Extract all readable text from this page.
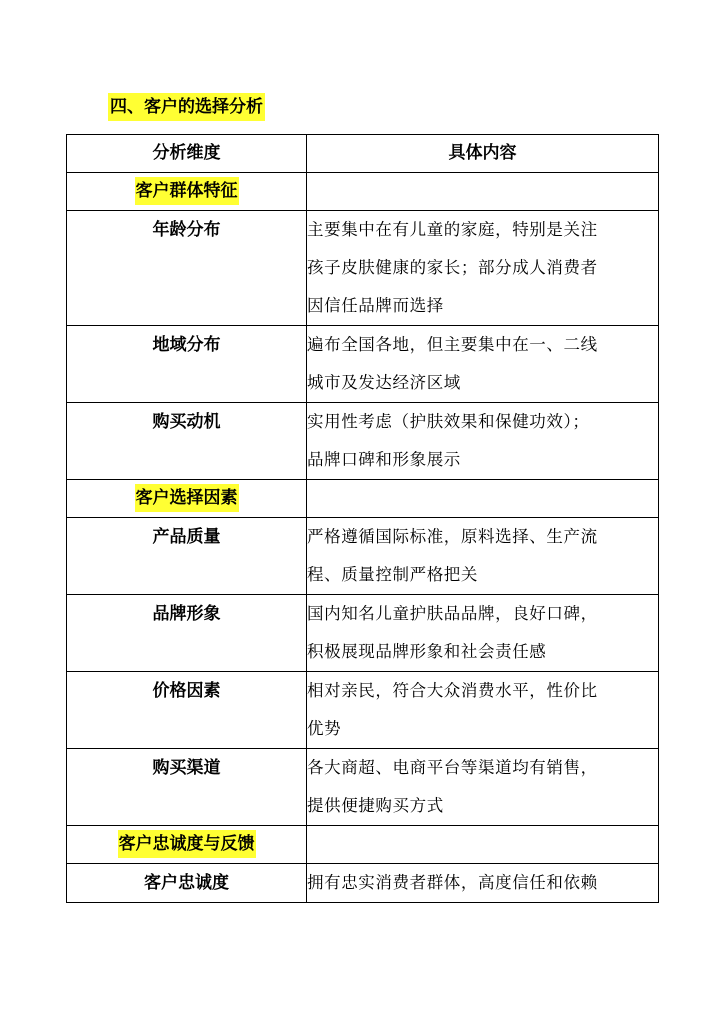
四、客户的选择分析
分析维度	具体内容
客户群体特征	
年龄分布	主要集中在有儿童的家庭，特别是关注
孩子皮肤健康的家长；部分成人消费者
因信任品牌而选择

地域分布	遍布全国各地，但主要集中在一、二线
城市及发达经济区域

购买动机	实用性考虑（护肤效果和保健功效）；
品牌口碑和形象展示

客户选择因素	
产品质量	严格遵循国际标准，原料选择、生产流
程、质量控制严格把关

品牌形象	国内知名儿童护肤品品牌，良好口碑，
积极展现品牌形象和社会责任感

价格因素	相对亲民，符合大众消费水平，性价比
优势

购买渠道	各大商超、电商平台等渠道均有销售，
提供便捷购买方式

客户忠诚度与反馈	
客户忠诚度	拥有忠实消费者群体，高度信任和依赖
